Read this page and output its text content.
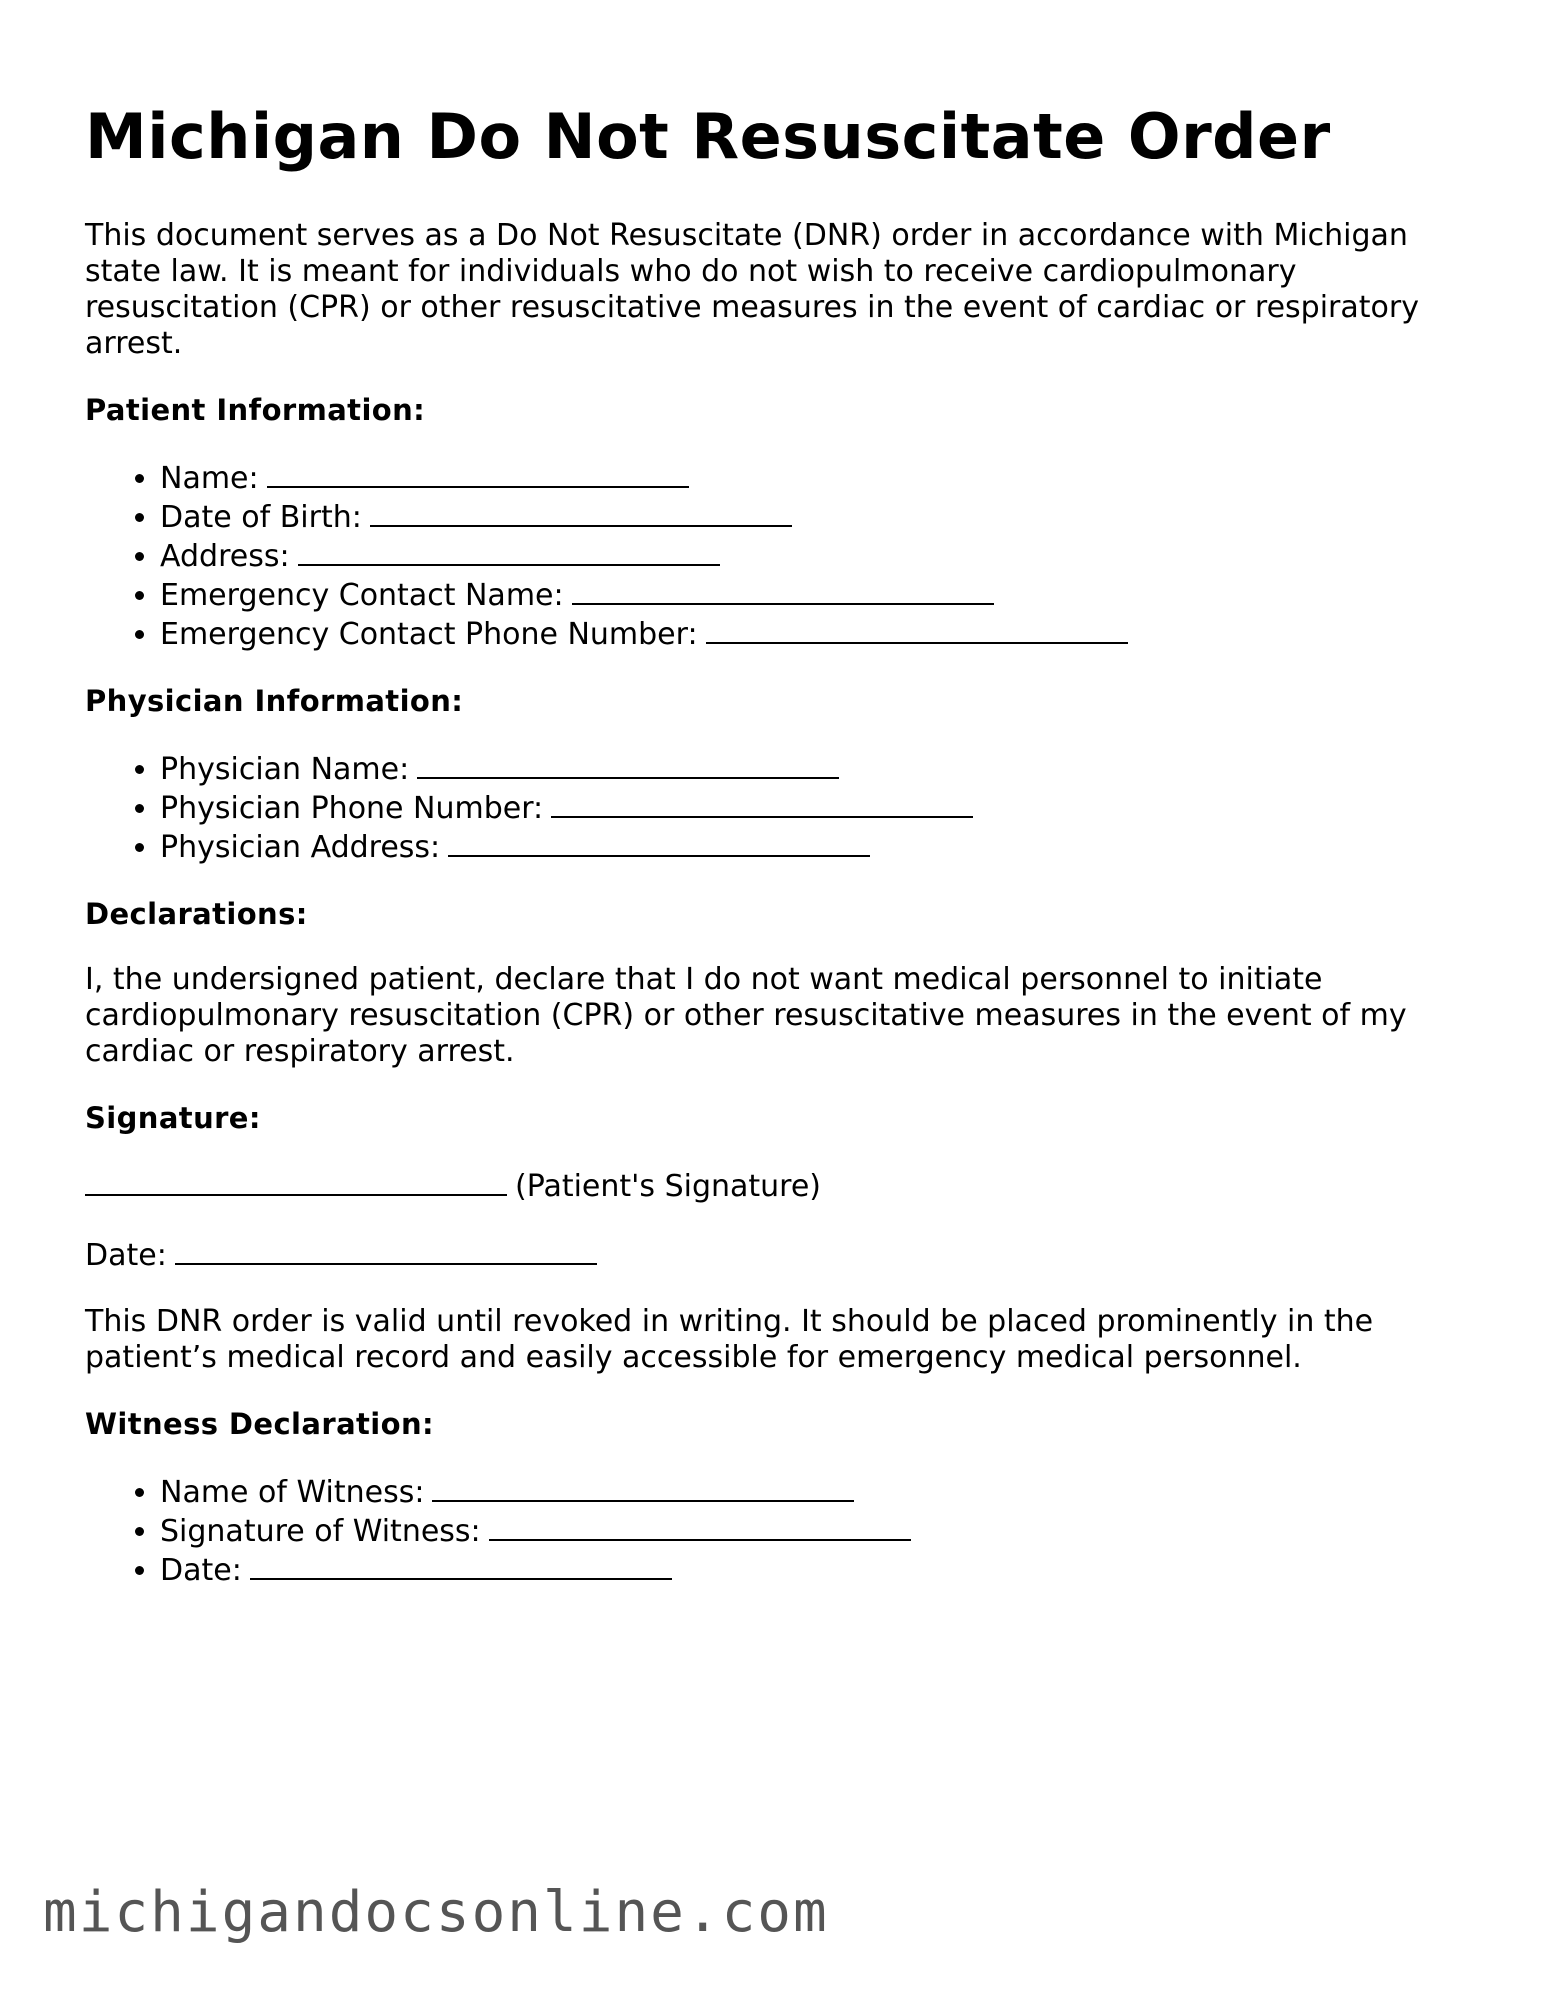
Michigan Do Not Resuscitate Order

This document serves as a Do Not Resuscitate (DNR) order in accordance with Michigan state law. It is meant for individuals who do not wish to receive cardiopulmonary resuscitation (CPR) or other resuscitative measures in the event of cardiac or respiratory arrest.

Patient Information:
• Name:
• Date of Birth:
• Address:
• Emergency Contact Name:
• Emergency Contact Phone Number:
Physician Information:
• Physician Name:
• Physician Phone Number:
• Physician Address:
Declarations:

I, the undersigned patient, declare that I do not want medical personnel to initiate cardiopulmonary resuscitation (CPR) or other resuscitative measures in the event of my cardiac or respiratory arrest.

Signature:

(Patient's Signature)

Date:

This DNR order is valid until revoked in writing. It should be placed prominently in the patient’s medical record and easily accessible for emergency medical personnel.

Witness Declaration:
• Name of Witness:
• Signature of Witness:
• Date:
michigandocsonline.com
